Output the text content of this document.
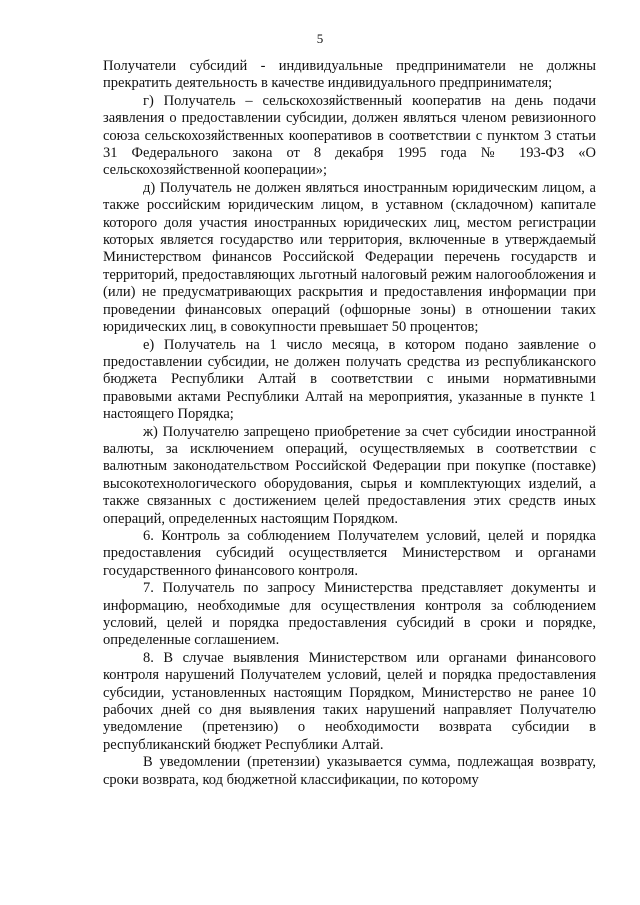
5

Получатели субсидий - индивидуальные предприниматели не должны прекратить деятельность в качестве индивидуального предпринимателя;

г) Получатель – сельскохозяйственный кооператив на день подачи заявления о предоставлении субсидии, должен являться членом ревизионного союза сельскохозяйственных кооперативов в соответствии с пунктом 3 статьи 31 Федерального закона от 8 декабря 1995 года № 193-ФЗ «О сельскохозяйственной кооперации»;

д) Получатель не должен являться иностранным юридическим лицом, а также российским юридическим лицом, в уставном (складочном) капитале которого доля участия иностранных юридических лиц, местом регистрации которых является государство или территория, включенные в утверждаемый Министерством финансов Российской Федерации перечень государств и территорий, предоставляющих льготный налоговый режим налогообложения и (или) не предусматривающих раскрытия и предоставления информации при проведении финансовых операций (офшорные зоны) в отношении таких юридических лиц, в совокупности превышает 50 процентов;

е) Получатель на 1 число месяца, в котором подано заявление о предоставлении субсидии, не должен получать средства из республиканского бюджета Республики Алтай в соответствии с иными нормативными правовыми актами Республики Алтай на мероприятия, указанные в пункте 1 настоящего Порядка;

ж) Получателю запрещено приобретение за счет субсидии иностранной валюты, за исключением операций, осуществляемых в соответствии с валютным законодательством Российской Федерации при покупке (поставке) высокотехнологического оборудования, сырья и комплектующих изделий, а также связанных с достижением целей предоставления этих средств иных операций, определенных настоящим Порядком.

6. Контроль за соблюдением Получателем условий, целей и порядка предоставления субсидий осуществляется Министерством и органами государственного финансового контроля.

7. Получатель по запросу Министерства представляет документы и информацию, необходимые для осуществления контроля за соблюдением условий, целей и порядка предоставления субсидий в сроки и порядке, определенные соглашением.

8. В случае выявления Министерством или органами финансового контроля нарушений Получателем условий, целей и порядка предоставления субсидии, установленных настоящим Порядком, Министерство не ранее 10 рабочих дней со дня выявления таких нарушений направляет Получателю уведомление (претензию) о необходимости возврата субсидии в республиканский бюджет Республики Алтай.

В уведомлении (претензии) указывается сумма, подлежащая возврату, сроки возврата, код бюджетной классификации, по которому
